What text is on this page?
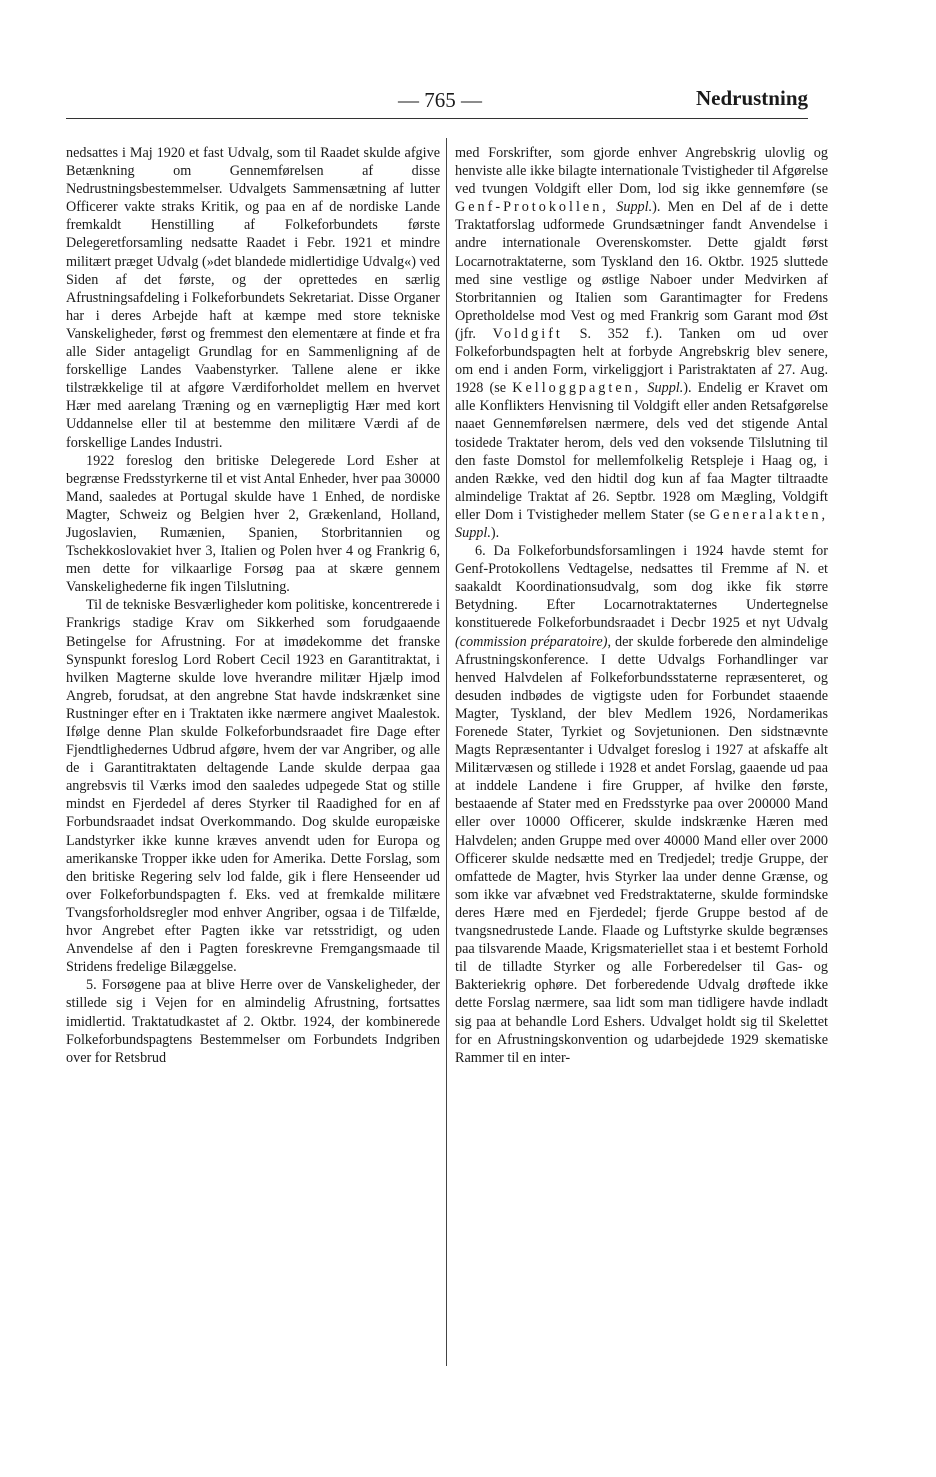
— 765 —	Nedrustning

nedsattes i Maj 1920 et fast Udvalg, som til Raadet skulde afgive Betænkning om Gennemførelsen af disse Nedrustningsbestemmelser. Udvalgets Sammensætning af lutter Officerer vakte straks Kritik, og paa en af de nordiske Lande fremkaldt Henstilling af Folkeforbundets første Delegeretforsamling nedsatte Raadet i Febr. 1921 et mindre militært præget Udvalg (»det blandede midlertidige Udvalg«) ved Siden af det første, og der oprettedes en særlig Afrustningsafdeling i Folkeforbundets Sekretariat. Disse Organer har i deres Arbejde haft at kæmpe med store tekniske Vanskeligheder, først og fremmest den elementære at finde et fra alle Sider antageligt Grundlag for en Sammenligning af de forskellige Landes Vaabenstyrker. Tallene alene er ikke tilstrækkelige til at afgøre Værdiforholdet mellem en hvervet Hær med aarelang Træning og en værnepligtig Hær med kort Uddannelse eller til at bestemme den militære Værdi af de forskellige Landes Industri.

1922 foreslog den britiske Delegerede Lord Esher at begrænse Fredsstyrkerne til et vist Antal Enheder, hver paa 30000 Mand, saaledes at Portugal skulde have 1 Enhed, de nordiske Magter, Schweiz og Belgien hver 2, Grækenland, Holland, Jugoslavien, Rumænien, Spanien, Storbritannien og Tschekkoslovakiet hver 3, Italien og Polen hver 4 og Frankrig 6, men dette for vilkaarlige Forsøg paa at skære gennem Vanskelighederne fik ingen Tilslutning.

Til de tekniske Besværligheder kom politiske, koncentrerede i Frankrigs stadige Krav om Sikkerhed som forudgaaende Betingelse for Afrustning. For at imødekomme det franske Synspunkt foreslog Lord Robert Cecil 1923 en Garantitraktat, i hvilken Magterne skulde love hverandre militær Hjælp imod Angreb, forudsat, at den angrebne Stat havde indskrænket sine Rustninger efter en i Traktaten ikke nærmere angivet Maalestok. Ifølge denne Plan skulde Folkeforbundsraadet fire Dage efter Fjendtlighedernes Udbrud afgøre, hvem der var Angriber, og alle de i Garantitraktaten deltagende Lande skulde derpaa gaa angrebsvis til Værks imod den saaledes udpegede Stat og stille mindst en Fjerdedel af deres Styrker til Raadighed for en af Forbundsraadet indsat Overkommando. Dog skulde europæiske Landstyrker ikke kunne kræves anvendt uden for Europa og amerikanske Tropper ikke uden for Amerika. Dette Forslag, som den britiske Regering selv lod falde, gik i flere Henseender ud over Folkeforbundspagten f. Eks. ved at fremkalde militære Tvangsforholdsregler mod enhver Angriber, ogsaa i de Tilfælde, hvor Angrebet efter Pagten ikke var retsstridigt, og uden Anvendelse af den i Pagten foreskrevne Fremgangsmaade til Stridens fredelige Bilæggelse.

5. Forsøgene paa at blive Herre over de Vanskeligheder, der stillede sig i Vejen for en almindelig Afrustning, fortsattes imidlertid. Traktatudkastet af 2. Oktbr. 1924, der kombinerede Folkeforbundspagtens Bestemmelser om Forbundets Indgriben over for Retsbrud

med Forskrifter, som gjorde enhver Angrebskrig ulovlig og henviste alle ikke bilagte internationale Tvistigheder til Afgørelse ved tvungen Voldgift eller Dom, lod sig ikke gennemføre (se Genf-Protokollen, Suppl.). Men en Del af de i dette Traktatforslag udformede Grundsætninger fandt Anvendelse i andre internationale Overenskomster. Dette gjaldt først Locarnotraktaterne, som Tyskland den 16. Oktbr. 1925 sluttede med sine vestlige og østlige Naboer under Medvirken af Storbritannien og Italien som Garantimagter for Fredens Opretholdelse mod Vest og med Frankrig som Garant mod Øst (jfr. Voldgift S. 352 f.). Tanken om ud over Folkeforbundspagten helt at forbyde Angrebskrig blev senere, om end i anden Form, virkeliggjort i Paristraktaten af 27. Aug. 1928 (se Kelloggpagten, Suppl.). Endelig er Kravet om alle Konflikters Henvisning til Voldgift eller anden Retsafgørelse naaet Gennemførelsen nærmere, dels ved det stigende Antal tosidede Traktater herom, dels ved den voksende Tilslutning til den faste Domstol for mellemfolkelig Retspleje i Haag og, i anden Række, ved den hidtil dog kun af faa Magter tiltraadte almindelige Traktat af 26. Septbr. 1928 om Mægling, Voldgift eller Dom i Tvistigheder mellem Stater (se Generalakten, Suppl.).

6. Da Folkeforbundsforsamlingen i 1924 havde stemt for Genf-Protokollens Vedtagelse, nedsattes til Fremme af N. et saakaldt Koordinationsudvalg, som dog ikke fik større Betydning. Efter Locarnotraktaternes Undertegnelse konstituerede Folkeforbundsraadet i Decbr 1925 et nyt Udvalg (commission préparatoire), der skulde forberede den almindelige Afrustningskonference. I dette Udvalgs Forhandlinger var henved Halvdelen af Folkeforbundsstaterne repræsenteret, og desuden indbødes de vigtigste uden for Forbundet staaende Magter, Tyskland, der blev Medlem 1926, Nordamerikas Forenede Stater, Tyrkiet og Sovjetunionen. Den sidstnævnte Magts Repræsentanter i Udvalget foreslog i 1927 at afskaffe alt Militærvæsen og stillede i 1928 et andet Forslag, gaaende ud paa at inddele Landene i fire Grupper, af hvilke den første, bestaaende af Stater med en Fredsstyrke paa over 200000 Mand eller over 10000 Officerer, skulde indskrænke Hæren med Halvdelen; anden Gruppe med over 40000 Mand eller over 2000 Officerer skulde nedsætte med en Tredjedel; tredje Gruppe, der omfattede de Magter, hvis Styrker laa under denne Grænse, og som ikke var afvæbnet ved Fredstraktaterne, skulde formindske deres Hære med en Fjerdedel; fjerde Gruppe bestod af de tvangsnedrustede Lande. Flaade og Luftstyrke skulde begrænses paa tilsvarende Maade, Krigsmateriellet staa i et bestemt Forhold til de tilladte Styrker og alle Forberedelser til Gas- og Bakteriekrig ophøre. Det forberedende Udvalg drøftede ikke dette Forslag nærmere, saa lidt som man tidligere havde indladt sig paa at behandle Lord Eshers. Udvalget holdt sig til Skelettet for en Afrustningskonvention og udarbejdede 1929 skematiske Rammer til en inter-
